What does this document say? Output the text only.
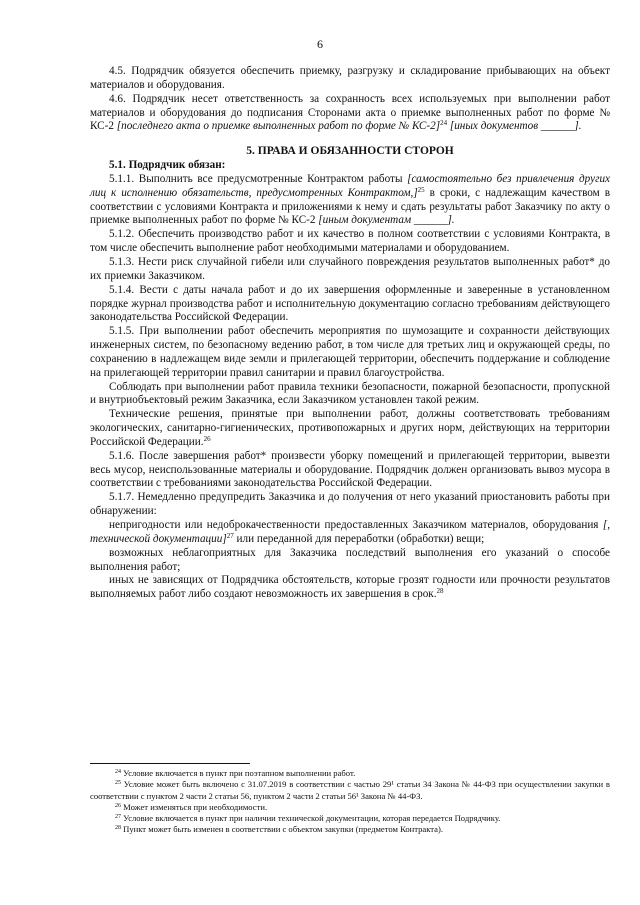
6

4.5. Подрядчик обязуется обеспечить приемку, разгрузку и складирование прибывающих на объект материалов и оборудования.

4.6. Подрядчик несет ответственность за сохранность всех используемых при выполнении работ материалов и оборудования до подписания Сторонами акта о приемке выполненных работ по форме № КС-2 [последнего акта о приемке выполненных работ по форме № КС-2]$^{24}$ [иных документов ______].

5. ПРАВА И ОБЯЗАННОСТИ СТОРОН

5.1. Подрядчик обязан:

5.1.1. Выполнить все предусмотренные Контрактом работы [самостоятельно без привлечения других лиц к исполнению обязательств, предусмотренных Контрактом,]$^{25}$ в сроки, с надлежащим качеством в соответствии с условиями Контракта и приложениями к нему и сдать результаты работ Заказчику по акту о приемке выполненных работ по форме № КС-2 [иным документам ______].

5.1.2. Обеспечить производство работ и их качество в полном соответствии с условиями Контракта, в том числе обеспечить выполнение работ необходимыми материалами и оборудованием.

5.1.3. Нести риск случайной гибели или случайного повреждения результатов выполненных работ* до их приемки Заказчиком.

5.1.4. Вести с даты начала работ и до их завершения оформленные и заверенные в установленном порядке журнал производства работ и исполнительную документацию согласно требованиям действующего законодательства Российской Федерации.

5.1.5. При выполнении работ обеспечить мероприятия по шумозащите и сохранности действующих инженерных систем, по безопасному ведению работ, в том числе для третьих лиц и окружающей среды, по сохранению в надлежащем виде земли и прилегающей территории, обеспечить поддержание и соблюдение на прилегающей территории правил санитарии и правил благоустройства.

Соблюдать при выполнении работ правила техники безопасности, пожарной безопасности, пропускной и внутриобъектовый режим Заказчика, если Заказчиком установлен такой режим.

Технические решения, принятые при выполнении работ, должны соответствовать требованиям экологических, санитарно-гигиенических, противопожарных и других норм, действующих на территории Российской Федерации.$^{26}$

5.1.6. После завершения работ* произвести уборку помещений и прилегающей территории, вывезти весь мусор, неиспользованные материалы и оборудование. Подрядчик должен организовать вывоз мусора в соответствии с требованиями законодательства Российской Федерации.

5.1.7. Немедленно предупредить Заказчика и до получения от него указаний приостановить работы при обнаружении:

непригодности или недоброкачественности предоставленных Заказчиком материалов, оборудования [, технической документации]$^{27}$ или переданной для переработки (обработки) вещи;

возможных неблагоприятных для Заказчика последствий выполнения его указаний о способе выполнения работ;

иных не зависящих от Подрядчика обстоятельств, которые грозят годности или прочности результатов выполняемых работ либо создают невозможность их завершения в срок.$^{28}$

$^{24}$ Условие включается в пункт при поэтапном выполнении работ.

$^{25}$ Условие может быть включено с 31.07.2019 в соответствии с частью 29¹ статьи 34 Закона № 44-ФЗ при осуществлении закупки в соответствии с пунктом 2 части 2 статьи 56, пунктом 2 части 2 статьи 56¹ Закона № 44-ФЗ.

$^{26}$ Может изменяться при необходимости.

$^{27}$ Условие включается в пункт при наличии технической документации, которая передается Подрядчику.

$^{28}$ Пункт может быть изменен в соответствии с объектом закупки (предметом Контракта).
